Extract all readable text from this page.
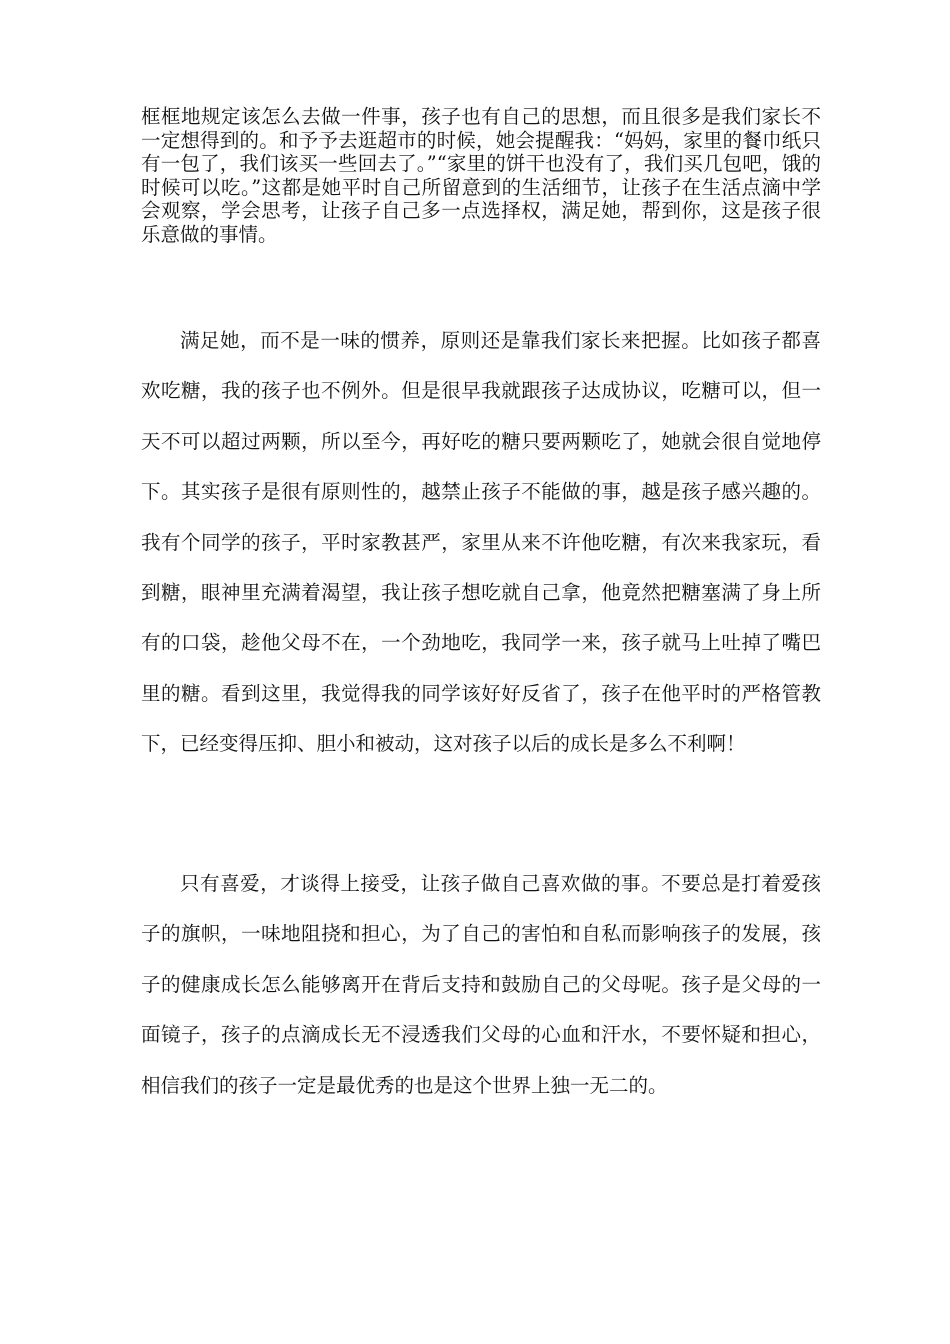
框框地规定该怎么去做一件事，孩子也有自己的思想，而且很多是我们家长不一定想得到的。和予予去逛超市的时候，她会提醒我：“妈妈，家里的餐巾纸只有一包了，我们该买一些回去了。”“家里的饼干也没有了，我们买几包吧，饿的时候可以吃。”这都是她平时自己所留意到的生活细节，让孩子在生活点滴中学会观察，学会思考，让孩子自己多一点选择权，满足她，帮到你，这是孩子很乐意做的事情。

满足她，而不是一味的惯养，原则还是靠我们家长来把握。比如孩子都喜欢吃糖，我的孩子也不例外。但是很早我就跟孩子达成协议，吃糖可以，但一天不可以超过两颗，所以至今，再好吃的糖只要两颗吃了，她就会很自觉地停下。其实孩子是很有原则性的，越禁止孩子不能做的事，越是孩子感兴趣的。我有个同学的孩子，平时家教甚严，家里从来不许他吃糖，有次来我家玩，看到糖，眼神里充满着渴望，我让孩子想吃就自己拿，他竟然把糖塞满了身上所有的口袋，趁他父母不在，一个劲地吃，我同学一来，孩子就马上吐掉了嘴巴里的糖。看到这里，我觉得我的同学该好好反省了，孩子在他平时的严格管教下，已经变得压抑、胆小和被动，这对孩子以后的成长是多么不利啊！

只有喜爱，才谈得上接受，让孩子做自己喜欢做的事。不要总是打着爱孩子的旗帜，一味地阻挠和担心，为了自己的害怕和自私而影响孩子的发展，孩子的健康成长怎么能够离开在背后支持和鼓励自己的父母呢。孩子是父母的一面镜子，孩子的点滴成长无不浸透我们父母的心血和汗水，不要怀疑和担心，相信我们的孩子一定是最优秀的也是这个世界上独一无二的。
